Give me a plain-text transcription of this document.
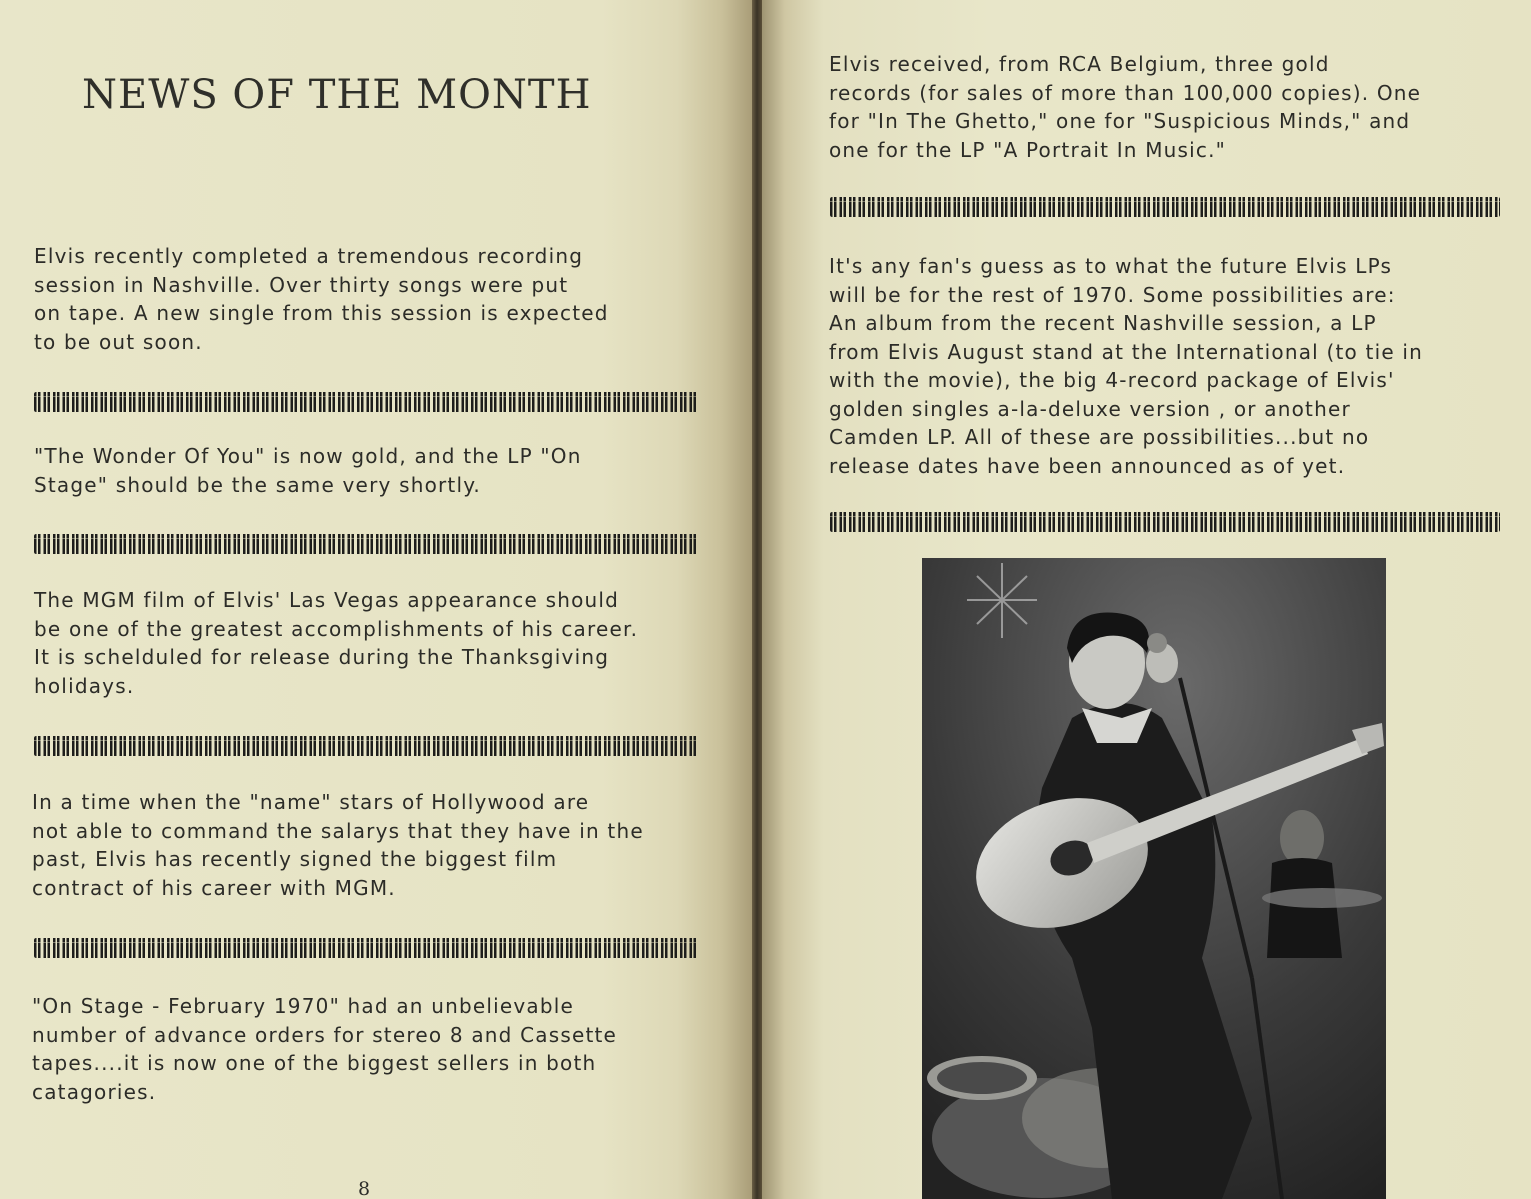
NEWS OF THE MONTH

Elvis recently completed a tremendous recording
session in Nashville. Over thirty songs were put
on tape. A new single from this session is expected
to be out soon.

"The Wonder Of You" is now gold, and the LP "On
Stage" should be the same very shortly.

The MGM film of Elvis' Las Vegas appearance should
be one of the greatest accomplishments of his career.
It is schelduled for release during the Thanksgiving
holidays.

In a time when the "name" stars of Hollywood are
not able to command the salarys that they have in the
past, Elvis has recently signed the biggest film
contract of his career with MGM.

"On Stage - February 1970" had an unbelievable
number of advance orders for stereo 8 and Cassette
tapes....it is now one of the biggest sellers in both
catagories.

8

Elvis received, from RCA Belgium, three gold
records (for sales of more than 100,000 copies). One
for "In The Ghetto," one for "Suspicious Minds," and
one for the LP "A Portrait In Music."

It's any fan's guess as to what the future Elvis LPs
will be for the rest of 1970. Some possibilities are:
An album from the recent Nashville session, a LP
from Elvis August stand at the International (to tie in
with the movie), the big 4-record package of Elvis'
golden singles a-la-deluxe version , or another
Camden LP. All of these are possibilities...but no
release dates have been announced as of yet.
